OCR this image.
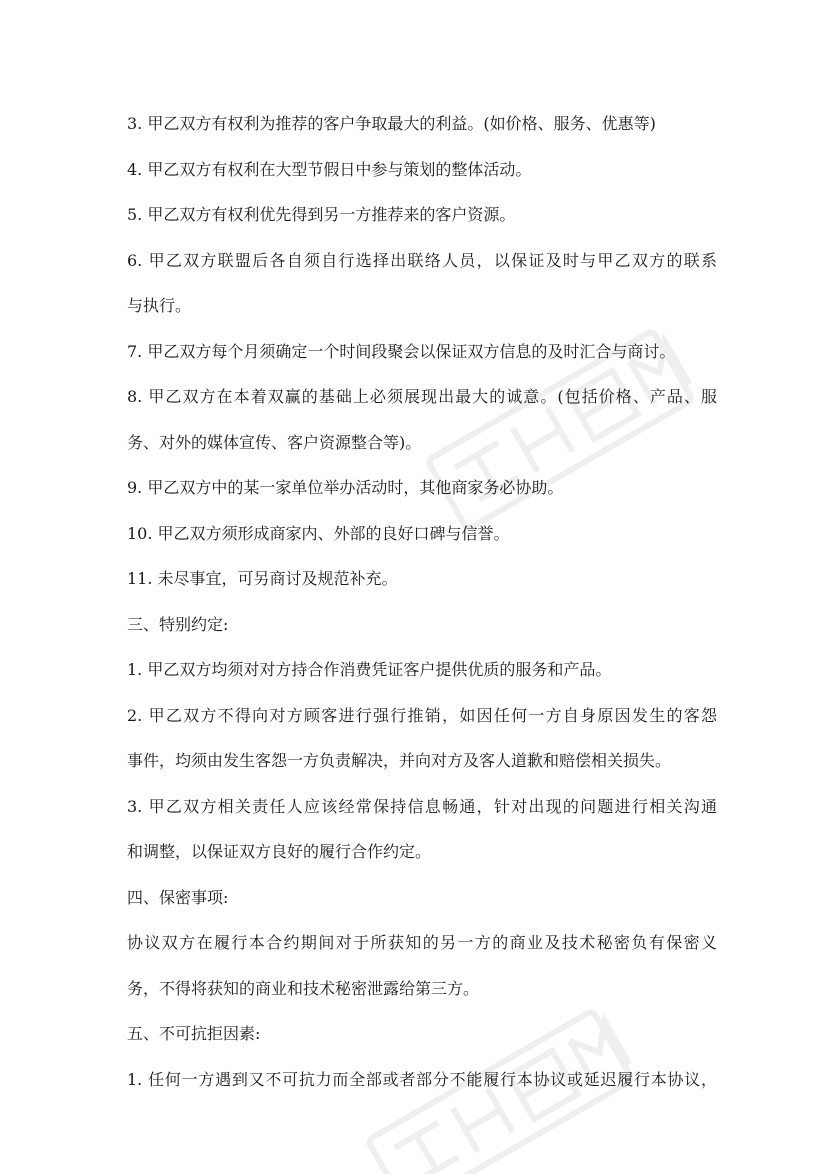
3. 甲乙双方有权利为推荐的客户争取最大的利益。(如价格、服务、优惠等)
4. 甲乙双方有权利在大型节假日中参与策划的整体活动。
5. 甲乙双方有权利优先得到另一方推荐来的客户资源。
6. 甲乙双方联盟后各自须自行选择出联络人员，以保证及时与甲乙双方的联系
与执行。
7. 甲乙双方每个月须确定一个时间段聚会以保证双方信息的及时汇合与商讨。
8. 甲乙双方在本着双赢的基础上必须展现出最大的诚意。(包括价格、产品、服
务、对外的媒体宣传、客户资源整合等)。
9. 甲乙双方中的某一家单位举办活动时，其他商家务必协助。
10. 甲乙双方须形成商家内、外部的良好口碑与信誉。
11. 未尽事宜，可另商讨及规范补充。
三、特别约定:
1. 甲乙双方均须对对方持合作消费凭证客户提供优质的服务和产品。
2. 甲乙双方不得向对方顾客进行强行推销，如因任何一方自身原因发生的客怨
事件，均须由发生客怨一方负责解决，并向对方及客人道歉和赔偿相关损失。
3. 甲乙双方相关责任人应该经常保持信息畅通，针对出现的问题进行相关沟通
和调整，以保证双方良好的履行合作约定。
四、保密事项:
协议双方在履行本合约期间对于所获知的另一方的商业及技术秘密负有保密义
务，不得将获知的商业和技术秘密泄露给第三方。
五、不可抗拒因素:
1. 任何一方遇到又不可抗力而全部或者部分不能履行本协议或延迟履行本协议，
